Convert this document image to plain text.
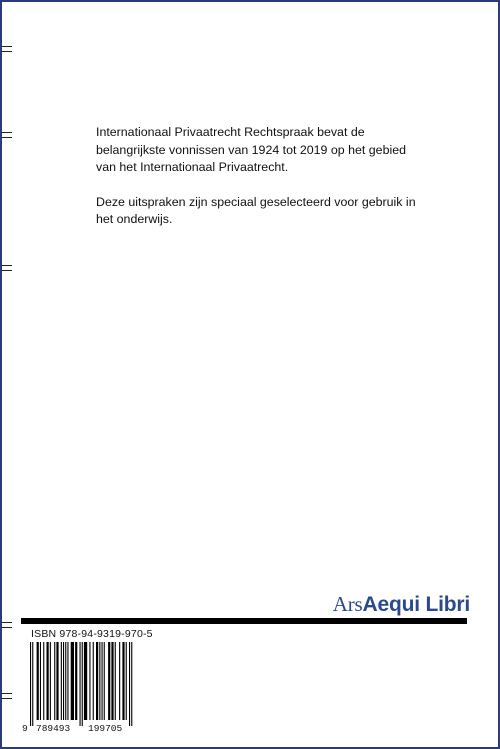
Internationaal Privaatrecht Rechtspraak bevat de belangrijkste vonnissen van 1924 tot 2019 op het gebied van het Internationaal Privaatrecht.

Deze uitspraken zijn speciaal geselecteerd voor gebruik in het onderwijs.

ArsAequi Libri
ISBN 978-94-9319-970-5
9 789493 199705
